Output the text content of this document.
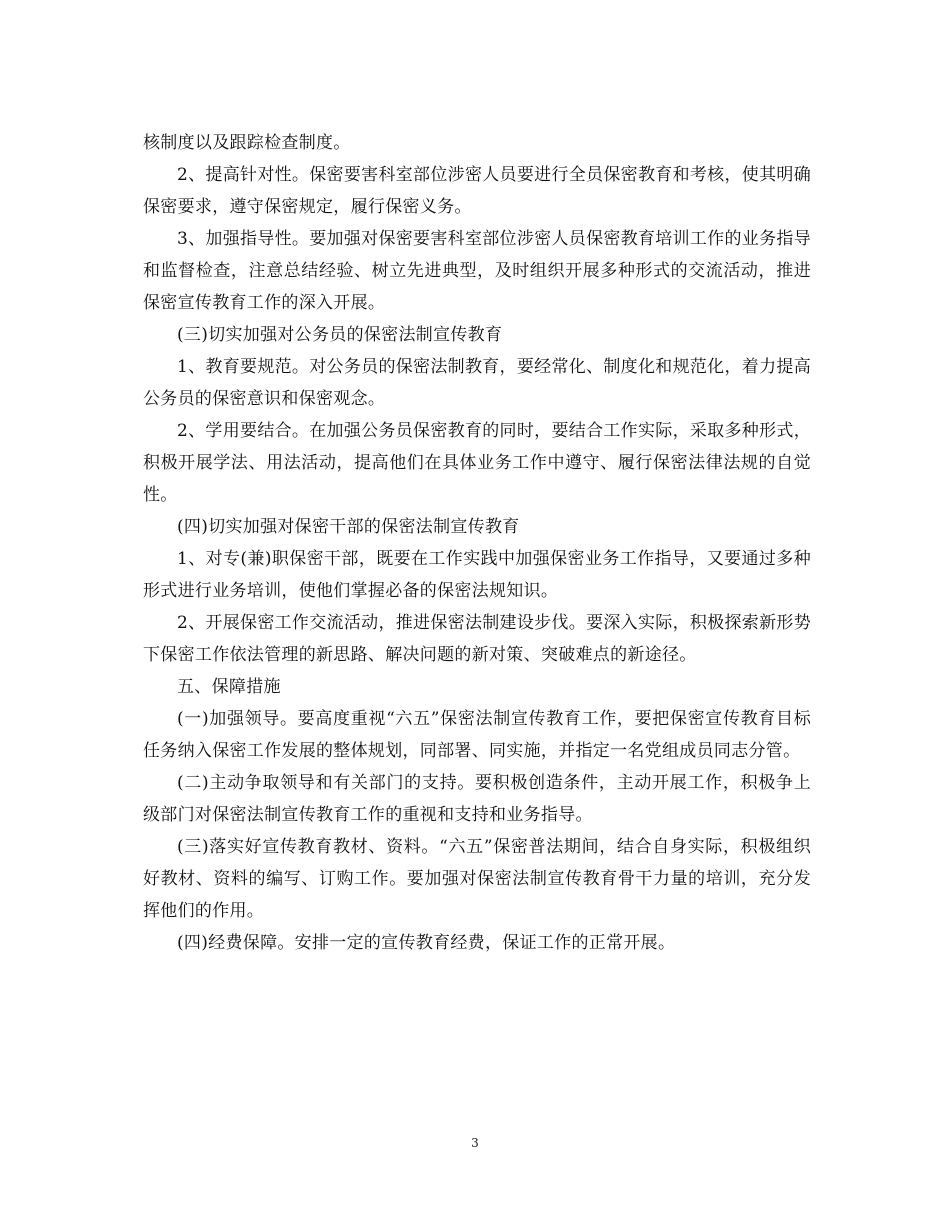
核制度以及跟踪检查制度。

2、提高针对性。保密要害科室部位涉密人员要进行全员保密教育和考核，使其明确保密要求，遵守保密规定，履行保密义务。

3、加强指导性。要加强对保密要害科室部位涉密人员保密教育培训工作的业务指导和监督检查，注意总结经验、树立先进典型，及时组织开展多种形式的交流活动，推进保密宣传教育工作的深入开展。

(三)切实加强对公务员的保密法制宣传教育

1、教育要规范。对公务员的保密法制教育，要经常化、制度化和规范化，着力提高公务员的保密意识和保密观念。

2、学用要结合。在加强公务员保密教育的同时，要结合工作实际，采取多种形式，积极开展学法、用法活动，提高他们在具体业务工作中遵守、履行保密法律法规的自觉性。

(四)切实加强对保密干部的保密法制宣传教育

1、对专(兼)职保密干部，既要在工作实践中加强保密业务工作指导，又要通过多种形式进行业务培训，使他们掌握必备的保密法规知识。

2、开展保密工作交流活动，推进保密法制建设步伐。要深入实际，积极探索新形势下保密工作依法管理的新思路、解决问题的新对策、突破难点的新途径。

五、保障措施

(一)加强领导。要高度重视“六五”保密法制宣传教育工作，要把保密宣传教育目标任务纳入保密工作发展的整体规划，同部署、同实施，并指定一名党组成员同志分管。

(二)主动争取领导和有关部门的支持。要积极创造条件，主动开展工作，积极争上级部门对保密法制宣传教育工作的重视和支持和业务指导。

(三)落实好宣传教育教材、资料。“六五”保密普法期间，结合自身实际，积极组织好教材、资料的编写、订购工作。要加强对保密法制宣传教育骨干力量的培训，充分发挥他们的作用。

(四)经费保障。安排一定的宣传教育经费，保证工作的正常开展。

3
